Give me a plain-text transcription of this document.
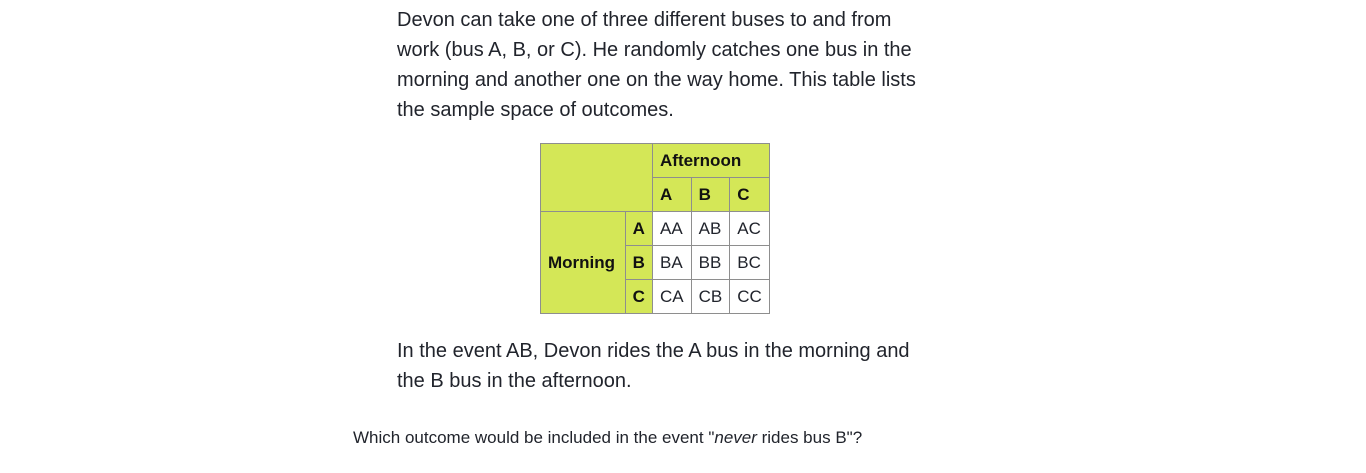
Devon can take one of three different buses to and from work (bus A, B, or C). He randomly catches one bus in the morning and another one on the way home. This table lists the sample space of outcomes.

		Afternoon		
		A	B	C
Morning	A	AA	AB	AC
	B	BA	BB	BC
	C	CA	CB	CC

In the event AB, Devon rides the A bus in the morning and the B bus in the afternoon.

Which outcome would be included in the event "never rides bus B"?
